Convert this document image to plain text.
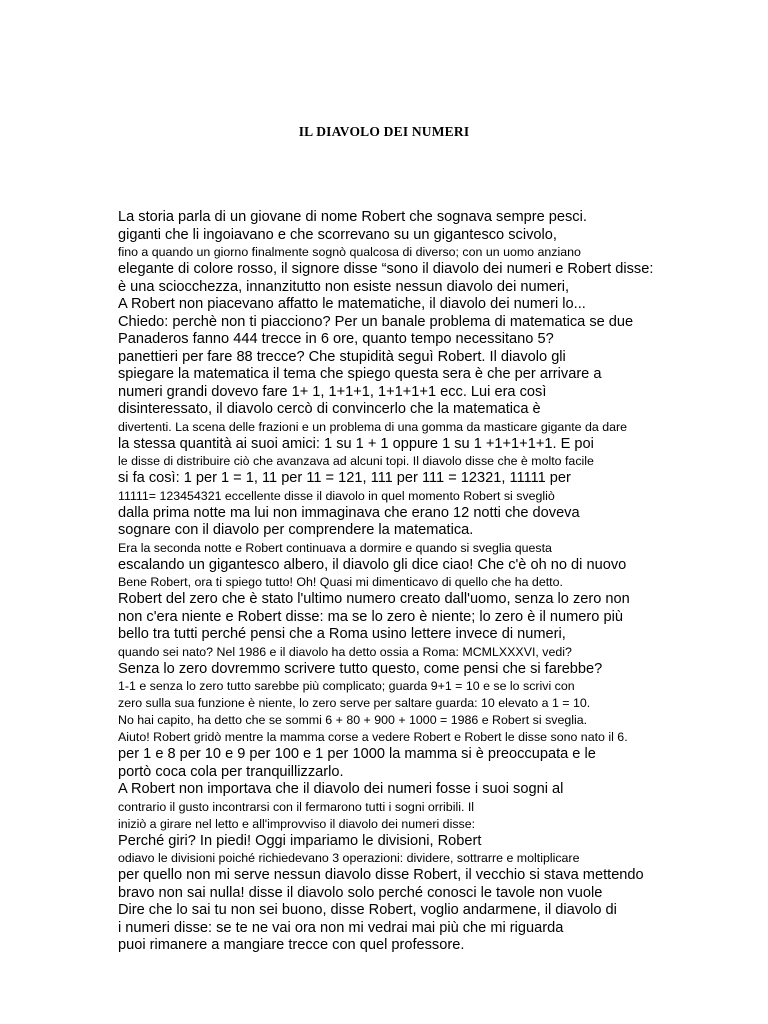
IL DIAVOLO DEI NUMERI
La storia parla di un giovane di nome Robert che sognava sempre pesci.
giganti che li ingoiavano e che scorrevano su un gigantesco scivolo,
fino a quando un giorno finalmente sognò qualcosa di diverso; con un uomo anziano
elegante di colore rosso, il signore disse “sono il diavolo dei numeri e Robert disse:
è una sciocchezza, innanzitutto non esiste nessun diavolo dei numeri,
A Robert non piacevano affatto le matematiche, il diavolo dei numeri lo...
Chiedo: perchè non ti piacciono? Per un banale problema di matematica se due
Panaderos fanno 444 trecce in 6 ore, quanto tempo necessitano 5?
panettieri per fare 88 trecce? Che stupidità seguì Robert. Il diavolo gli
spiegare la matematica il tema che spiego questa sera è che per arrivare a
numeri grandi dovevo fare 1+ 1, 1+1+1, 1+1+1+1 ecc. Lui era così
disinteressato, il diavolo cercò di convincerlo che la matematica è
divertenti. La scena delle frazioni e un problema di una gomma da masticare gigante da dare
la stessa quantità ai suoi amici: 1 su 1 + 1 oppure 1 su 1 +1+1+1+1. E poi
le disse di distribuire ciò che avanzava ad alcuni topi. Il diavolo disse che è molto facile
si fa così: 1 per 1 = 1, 11 per 11 = 121, 111 per 111 = 12321, 11111 per
11111= 123454321 eccellente disse il diavolo in quel momento Robert si svegliò
dalla prima notte ma lui non immaginava che erano 12 notti che doveva
sognare con il diavolo per comprendere la matematica.
Era la seconda notte e Robert continuava a dormire e quando si sveglia questa
escalando un gigantesco albero, il diavolo gli dice ciao! Che c'è oh no di nuovo
Bene Robert, ora ti spiego tutto! Oh! Quasi mi dimenticavo di quello che ha detto.
Robert del zero che è stato l'ultimo numero creato dall'uomo, senza lo zero non
non c'era niente e Robert disse: ma se lo zero è niente; lo zero è il numero più
bello tra tutti perché pensi che a Roma usino lettere invece di numeri,
quando sei nato? Nel 1986 e il diavolo ha detto ossia a Roma: MCMLXXXVI, vedi?
Senza lo zero dovremmo scrivere tutto questo, come pensi che si farebbe?
1-1 e senza lo zero tutto sarebbe più complicato; guarda 9+1 = 10 e se lo scrivi con
zero sulla sua funzione è niente, lo zero serve per saltare guarda: 10 elevato a 1 = 10.
No hai capito, ha detto che se sommi 6 + 80 + 900 + 1000 = 1986 e Robert si sveglia.
Aiuto! Robert gridò mentre la mamma corse a vedere Robert e Robert le disse sono nato il 6.
per 1 e 8 per 10 e 9 per 100 e 1 per 1000 la mamma si è preoccupata e le
portò coca cola per tranquillizzarlo.
A Robert non importava che il diavolo dei numeri fosse i suoi sogni al
contrario il gusto incontrarsi con il fermarono tutti i sogni orribili. Il
iniziò a girare nel letto e all'improvviso il diavolo dei numeri disse:
Perché giri? In piedi! Oggi impariamo le divisioni, Robert
odiavo le divisioni poiché richiedevano 3 operazioni: dividere, sottrarre e moltiplicare
per quello non mi serve nessun diavolo disse Robert, il vecchio si stava mettendo
bravo non sai nulla! disse il diavolo solo perché conosci le tavole non vuole
Dire che lo sai tu non sei buono, disse Robert, voglio andarmene, il diavolo di
i numeri disse: se te ne vai ora non mi vedrai mai più che mi riguarda
puoi rimanere a mangiare trecce con quel professore.
